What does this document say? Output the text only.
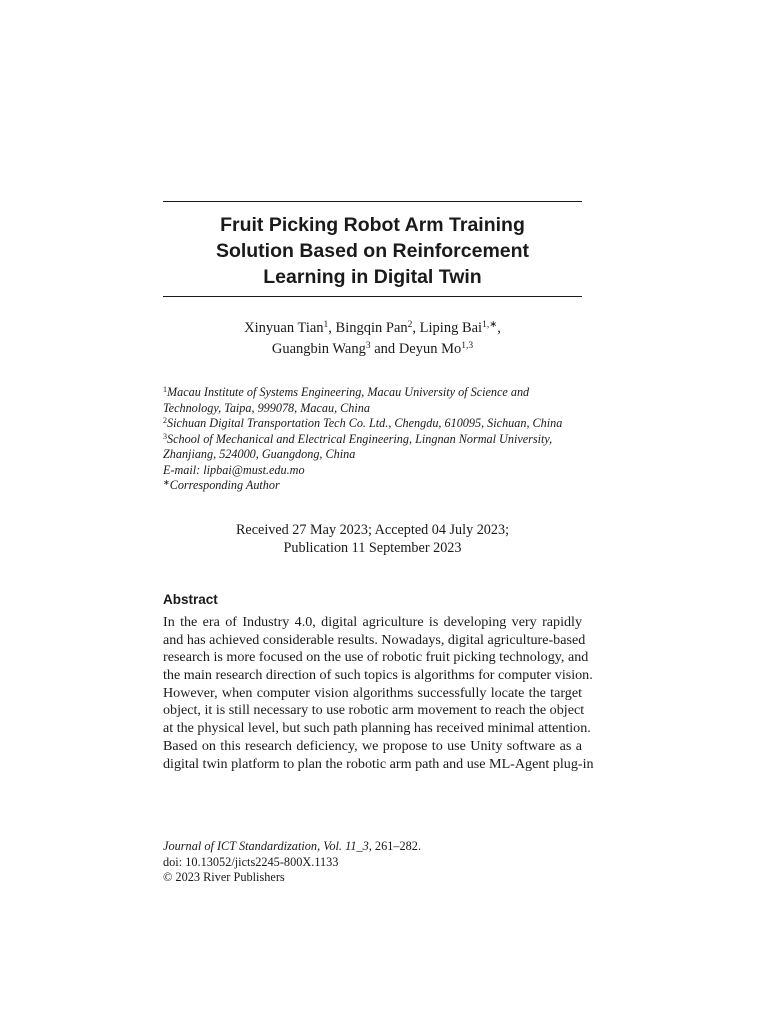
Fruit Picking Robot Arm Training
Solution Based on Reinforcement
Learning in Digital Twin
Xinyuan Tian$^1$, Bingqin Pan$^2$, Liping Bai$^{1,∗}$,
Guangbin Wang$^3$ and Deyun Mo$^{1,3}$
$^1$Macau Institute of Systems Engineering, Macau University of Science and
Technology, Taipa, 999078, Macau, China
$^2$Sichuan Digital Transportation Tech Co. Ltd., Chengdu, 610095, Sichuan, China
$^3$School of Mechanical and Electrical Engineering, Lingnan Normal University,
Zhanjiang, 524000, Guangdong, China
E-mail: lipbai@must.edu.mo
∗Corresponding Author
Received 27 May 2023; Accepted 04 July 2023;
Publication 11 September 2023
Abstract
In the era of Industry 4.0, digital agriculture is developing very rapidly
and has achieved considerable results. Nowadays, digital agriculture-based
research is more focused on the use of robotic fruit picking technology, and
the main research direction of such topics is algorithms for computer vision.
However, when computer vision algorithms successfully locate the target
object, it is still necessary to use robotic arm movement to reach the object
at the physical level, but such path planning has received minimal attention.
Based on this research deficiency, we propose to use Unity software as a
digital twin platform to plan the robotic arm path and use ML-Agent plug-in
Journal of ICT Standardization, Vol. 11_3, 261–282.
doi: 10.13052/jicts2245-800X.1133
© 2023 River Publishers
